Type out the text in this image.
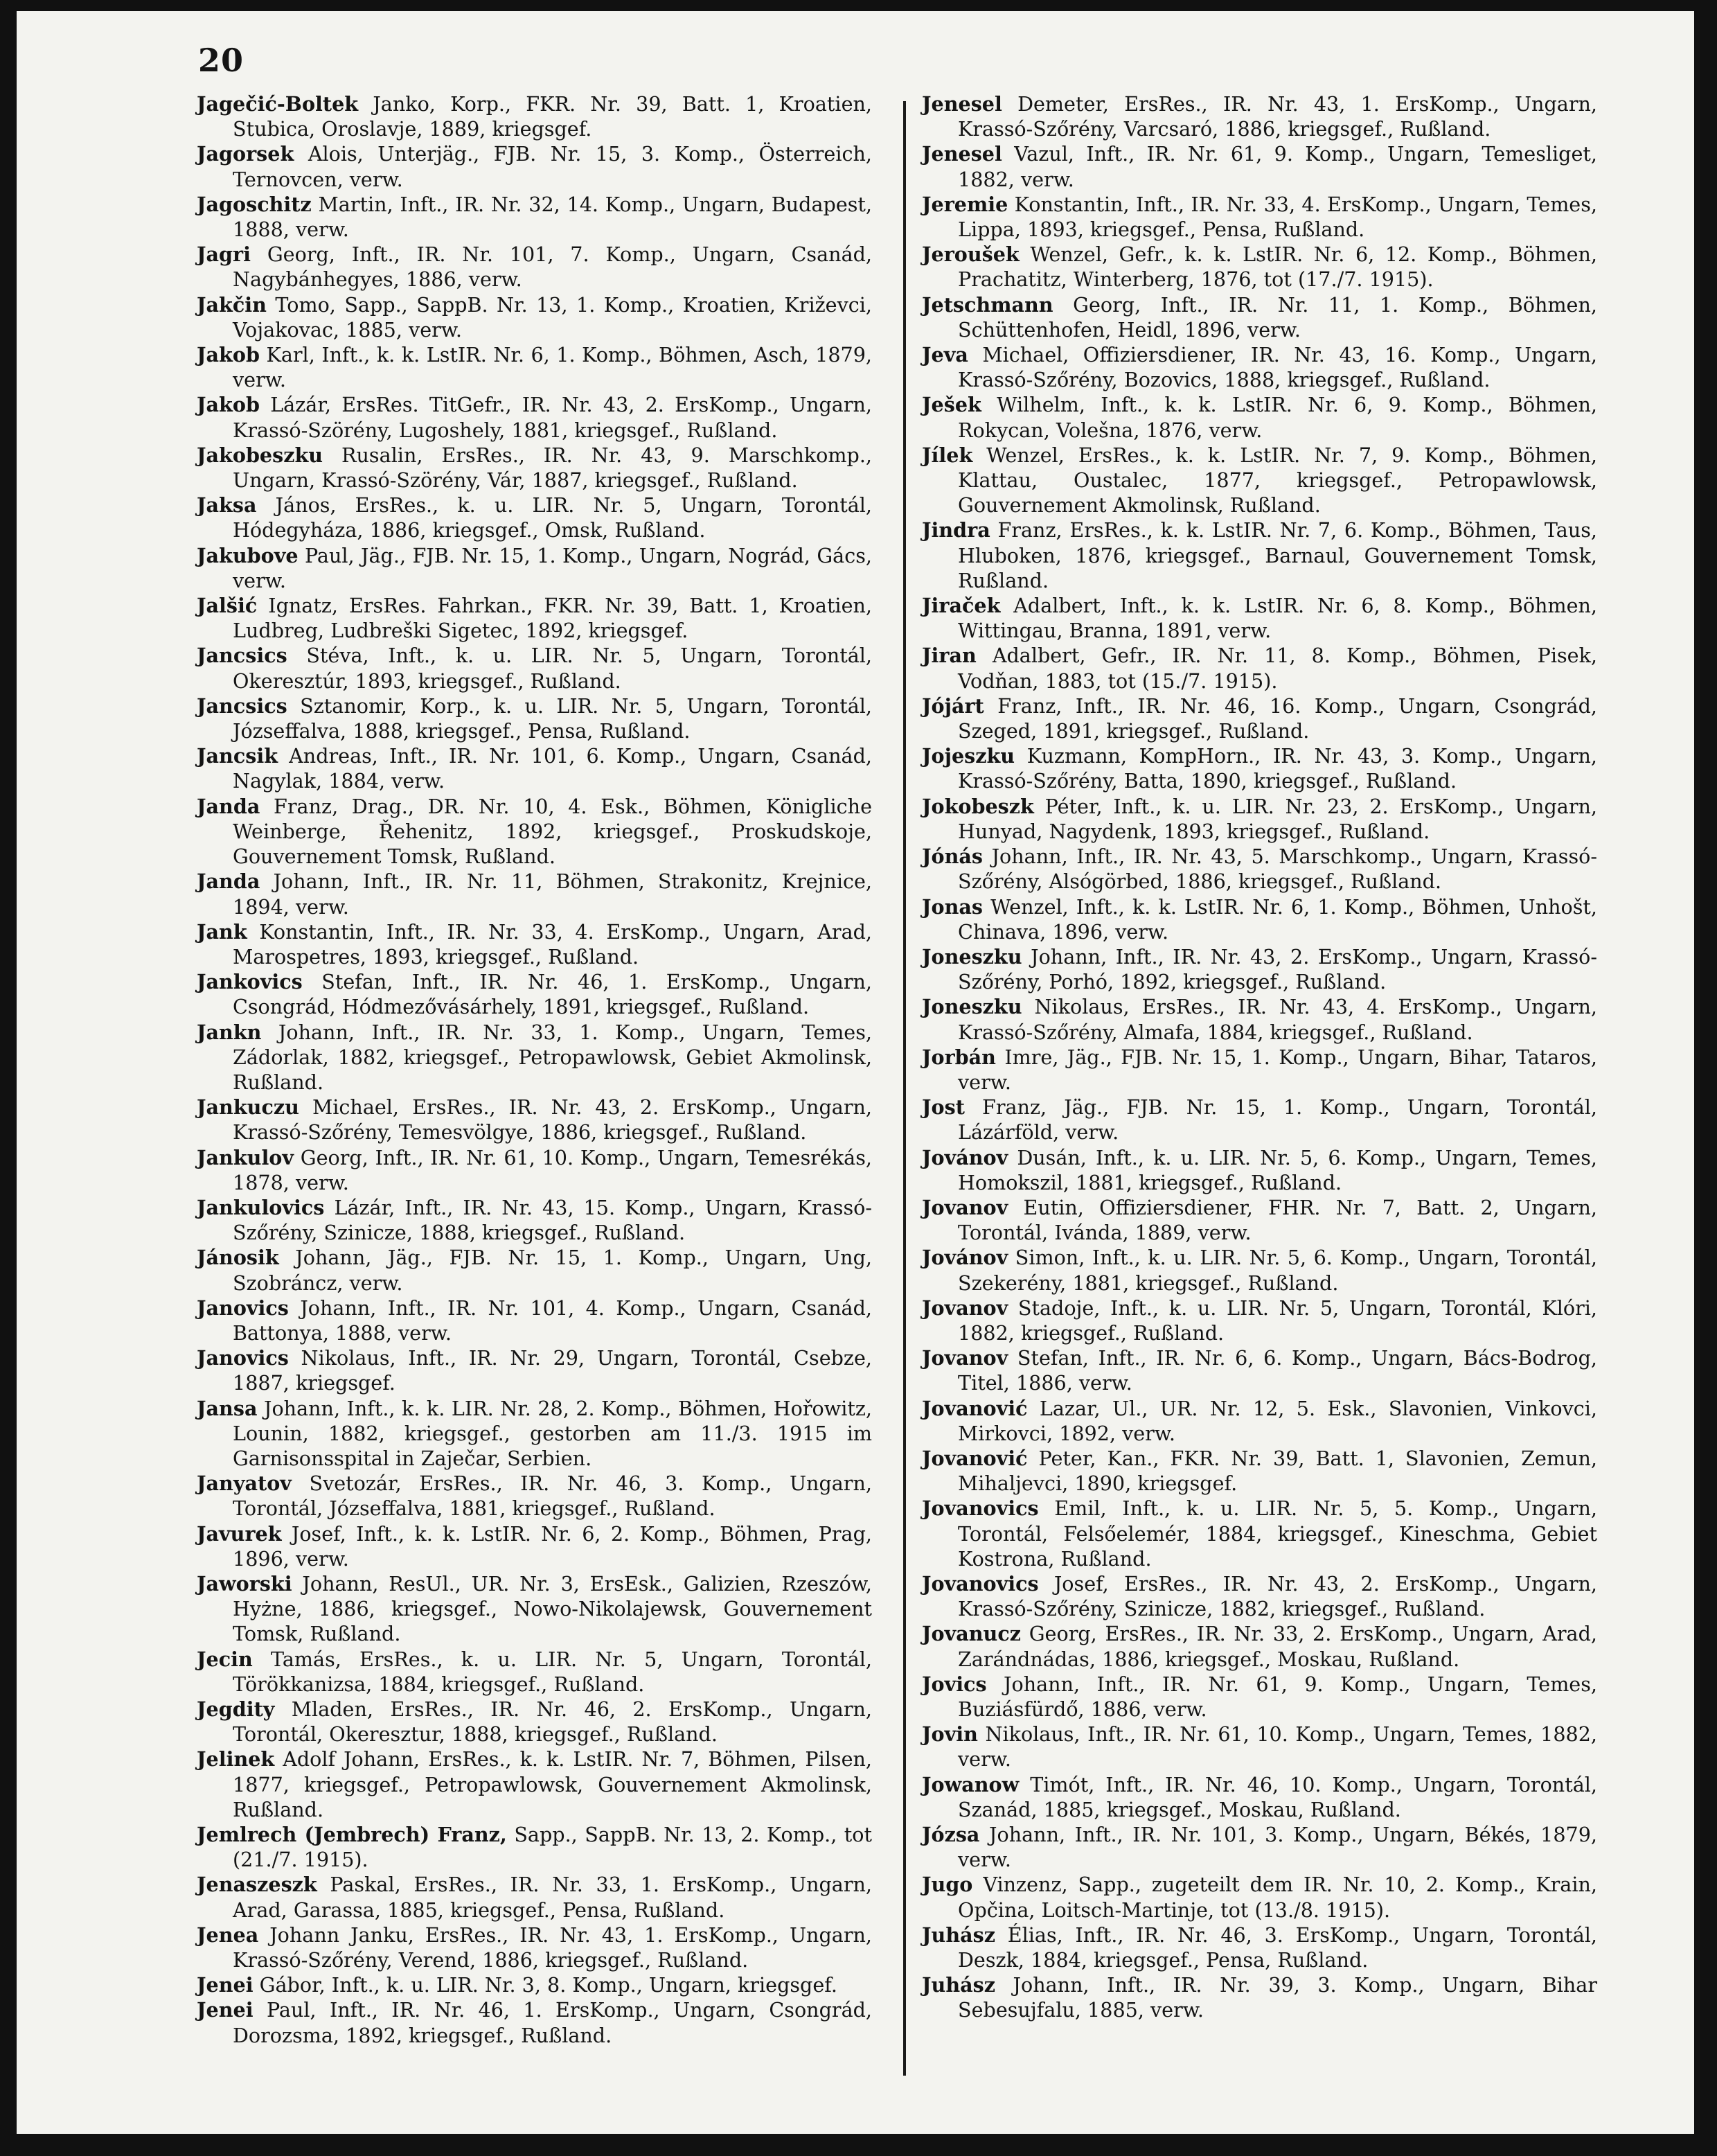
20

Jagečić-Boltek Janko, Korp., FKR. Nr. 39, Batt. 1, Kroatien, Stubica, Oroslavje, 1889, kriegsgef.

Jagorsek Alois, Unterjäg., FJB. Nr. 15, 3. Komp., Österreich, Ternovcen, verw.

Jagoschitz Martin, Inft., IR. Nr. 32, 14. Komp., Ungarn, Budapest, 1888, verw.

Jagri Georg, Inft., IR. Nr. 101, 7. Komp., Ungarn, Csanád, Nagybánhegyes, 1886, verw.

Jakčin Tomo, Sapp., SappB. Nr. 13, 1. Komp., Kroatien, Križevci, Vojakovac, 1885, verw.

Jakob Karl, Inft., k. k. LstIR. Nr. 6, 1. Komp., Böhmen, Asch, 1879, verw.

Jakob Lázár, ErsRes. TitGefr., IR. Nr. 43, 2. ErsKomp., Ungarn, Krassó-Szörény, Lugoshely, 1881, kriegsgef., Rußland.

Jakobeszku Rusalin, ErsRes., IR. Nr. 43, 9. Marschkomp., Ungarn, Krassó-Szörény, Vár, 1887, kriegsgef., Rußland.

Jaksa János, ErsRes., k. u. LIR. Nr. 5, Ungarn, Torontál, Hódegyháza, 1886, kriegsgef., Omsk, Rußland.

Jakubove Paul, Jäg., FJB. Nr. 15, 1. Komp., Ungarn, Nográd, Gács, verw.

Jalšić Ignatz, ErsRes. Fahrkan., FKR. Nr. 39, Batt. 1, Kroatien, Ludbreg, Ludbreški Sigetec, 1892, kriegsgef.

Jancsics Stéva, Inft., k. u. LIR. Nr. 5, Ungarn, Torontál, Okeresztúr, 1893, kriegsgef., Rußland.

Jancsics Sztanomir, Korp., k. u. LIR. Nr. 5, Ungarn, Torontál, Józseffalva, 1888, kriegsgef., Pensa, Rußland.

Jancsik Andreas, Inft., IR. Nr. 101, 6. Komp., Ungarn, Csanád, Nagylak, 1884, verw.

Janda Franz, Drag., DR. Nr. 10, 4. Esk., Böhmen, Königliche Weinberge, Řehenitz, 1892, kriegsgef., Proskudskoje, Gouvernement Tomsk, Rußland.

Janda Johann, Inft., IR. Nr. 11, Böhmen, Strakonitz, Krejnice, 1894, verw.

Jank Konstantin, Inft., IR. Nr. 33, 4. ErsKomp., Ungarn, Arad, Marospetres, 1893, kriegsgef., Rußland.

Jankovics Stefan, Inft., IR. Nr. 46, 1. ErsKomp., Ungarn, Csongrád, Hódmezővásárhely, 1891, kriegsgef., Rußland.

Jankn Johann, Inft., IR. Nr. 33, 1. Komp., Ungarn, Temes, Zádorlak, 1882, kriegsgef., Petropawlowsk, Gebiet Akmolinsk, Rußland.

Jankuczu Michael, ErsRes., IR. Nr. 43, 2. ErsKomp., Ungarn, Krassó-Szőrény, Temesvölgye, 1886, kriegsgef., Rußland.

Jankulov Georg, Inft., IR. Nr. 61, 10. Komp., Ungarn, Temesrékás, 1878, verw.

Jankulovics Lázár, Inft., IR. Nr. 43, 15. Komp., Ungarn, Krassó-Szőrény, Szinicze, 1888, kriegsgef., Rußland.

Jánosik Johann, Jäg., FJB. Nr. 15, 1. Komp., Ungarn, Ung, Szobráncz, verw.

Janovics Johann, Inft., IR. Nr. 101, 4. Komp., Ungarn, Csanád, Battonya, 1888, verw.

Janovics Nikolaus, Inft., IR. Nr. 29, Ungarn, Torontál, Csebze, 1887, kriegsgef.

Jansa Johann, Inft., k. k. LIR. Nr. 28, 2. Komp., Böhmen, Hořowitz, Lounin, 1882, kriegsgef., gestorben am 11./3. 1915 im Garnisonsspital in Zaječar, Serbien.

Janyatov Svetozár, ErsRes., IR. Nr. 46, 3. Komp., Ungarn, Torontál, Józseffalva, 1881, kriegsgef., Rußland.

Javurek Josef, Inft., k. k. LstIR. Nr. 6, 2. Komp., Böhmen, Prag, 1896, verw.

Jaworski Johann, ResUl., UR. Nr. 3, ErsEsk., Galizien, Rzeszów, Hyżne, 1886, kriegsgef., Nowo-Nikolajewsk, Gouvernement Tomsk, Rußland.

Jecin Tamás, ErsRes., k. u. LIR. Nr. 5, Ungarn, Torontál, Törökkanizsa, 1884, kriegsgef., Rußland.

Jegdity Mladen, ErsRes., IR. Nr. 46, 2. ErsKomp., Ungarn, Torontál, Okeresztur, 1888, kriegsgef., Rußland.

Jelinek Adolf Johann, ErsRes., k. k. LstIR. Nr. 7, Böhmen, Pilsen, 1877, kriegsgef., Petropawlowsk, Gouvernement Akmolinsk, Rußland.

Jemlrech (Jembrech) Franz, Sapp., SappB. Nr. 13, 2. Komp., tot (21./7. 1915).

Jenaszeszk Paskal, ErsRes., IR. Nr. 33, 1. ErsKomp., Ungarn, Arad, Garassa, 1885, kriegsgef., Pensa, Rußland.

Jenea Johann Janku, ErsRes., IR. Nr. 43, 1. ErsKomp., Ungarn, Krassó-Szőrény, Verend, 1886, kriegsgef., Rußland.

Jenei Gábor, Inft., k. u. LIR. Nr. 3, 8. Komp., Ungarn, kriegsgef.

Jenei Paul, Inft., IR. Nr. 46, 1. ErsKomp., Ungarn, Csongrád, Dorozsma, 1892, kriegsgef., Rußland.

Jenesel Demeter, ErsRes., IR. Nr. 43, 1. ErsKomp., Ungarn, Krassó-Szőrény, Varcsaró, 1886, kriegsgef., Rußland.

Jenesel Vazul, Inft., IR. Nr. 61, 9. Komp., Ungarn, Temesliget, 1882, verw.

Jeremie Konstantin, Inft., IR. Nr. 33, 4. ErsKomp., Ungarn, Temes, Lippa, 1893, kriegsgef., Pensa, Rußland.

Jeroušek Wenzel, Gefr., k. k. LstIR. Nr. 6, 12. Komp., Böhmen, Prachatitz, Winterberg, 1876, tot (17./7. 1915).

Jetschmann Georg, Inft., IR. Nr. 11, 1. Komp., Böhmen, Schüttenhofen, Heidl, 1896, verw.

Jeva Michael, Offiziersdiener, IR. Nr. 43, 16. Komp., Ungarn, Krassó-Szőrény, Bozovics, 1888, kriegsgef., Rußland.

Ješek Wilhelm, Inft., k. k. LstIR. Nr. 6, 9. Komp., Böhmen, Rokycan, Volešna, 1876, verw.

Jílek Wenzel, ErsRes., k. k. LstIR. Nr. 7, 9. Komp., Böhmen, Klattau, Oustalec, 1877, kriegsgef., Petropawlowsk, Gouvernement Akmolinsk, Rußland.

Jindra Franz, ErsRes., k. k. LstIR. Nr. 7, 6. Komp., Böhmen, Taus, Hluboken, 1876, kriegsgef., Barnaul, Gouvernement Tomsk, Rußland.

Jiraček Adalbert, Inft., k. k. LstIR. Nr. 6, 8. Komp., Böhmen, Wittingau, Branna, 1891, verw.

Jiran Adalbert, Gefr., IR. Nr. 11, 8. Komp., Böhmen, Pisek, Vodňan, 1883, tot (15./7. 1915).

Jójárt Franz, Inft., IR. Nr. 46, 16. Komp., Ungarn, Csongrád, Szeged, 1891, kriegsgef., Rußland.

Jojeszku Kuzmann, KompHorn., IR. Nr. 43, 3. Komp., Ungarn, Krassó-Szőrény, Batta, 1890, kriegsgef., Rußland.

Jokobeszk Péter, Inft., k. u. LIR. Nr. 23, 2. ErsKomp., Ungarn, Hunyad, Nagydenk, 1893, kriegsgef., Rußland.

Jónás Johann, Inft., IR. Nr. 43, 5. Marschkomp., Ungarn, Krassó-Szőrény, Alsógörbed, 1886, kriegsgef., Rußland.

Jonas Wenzel, Inft., k. k. LstIR. Nr. 6, 1. Komp., Böhmen, Unhošt, Chinava, 1896, verw.

Joneszku Johann, Inft., IR. Nr. 43, 2. ErsKomp., Ungarn, Krassó-Szőrény, Porhó, 1892, kriegsgef., Rußland.

Joneszku Nikolaus, ErsRes., IR. Nr. 43, 4. ErsKomp., Ungarn, Krassó-Szőrény, Almafa, 1884, kriegsgef., Rußland.

Jorbán Imre, Jäg., FJB. Nr. 15, 1. Komp., Ungarn, Bihar, Tataros, verw.

Jost Franz, Jäg., FJB. Nr. 15, 1. Komp., Ungarn, Torontál, Lázárföld, verw.

Jovánov Dusán, Inft., k. u. LIR. Nr. 5, 6. Komp., Ungarn, Temes, Homokszil, 1881, kriegsgef., Rußland.

Jovanov Eutin, Offiziersdiener, FHR. Nr. 7, Batt. 2, Ungarn, Torontál, Ivánda, 1889, verw.

Jovánov Simon, Inft., k. u. LIR. Nr. 5, 6. Komp., Ungarn, Torontál, Szekerény, 1881, kriegsgef., Rußland.

Jovanov Stadoje, Inft., k. u. LIR. Nr. 5, Ungarn, Torontál, Klóri, 1882, kriegsgef., Rußland.

Jovanov Stefan, Inft., IR. Nr. 6, 6. Komp., Ungarn, Bács-Bodrog, Titel, 1886, verw.

Jovanović Lazar, Ul., UR. Nr. 12, 5. Esk., Slavonien, Vinkovci, Mirkovci, 1892, verw.

Jovanović Peter, Kan., FKR. Nr. 39, Batt. 1, Slavonien, Zemun, Mihaljevci, 1890, kriegsgef.

Jovanovics Emil, Inft., k. u. LIR. Nr. 5, 5. Komp., Ungarn, Torontál, Felsőelemér, 1884, kriegsgef., Kineschma, Gebiet Kostrona, Rußland.

Jovanovics Josef, ErsRes., IR. Nr. 43, 2. ErsKomp., Ungarn, Krassó-Szőrény, Szinicze, 1882, kriegsgef., Rußland.

Jovanucz Georg, ErsRes., IR. Nr. 33, 2. ErsKomp., Ungarn, Arad, Zarándnádas, 1886, kriegsgef., Moskau, Rußland.

Jovics Johann, Inft., IR. Nr. 61, 9. Komp., Ungarn, Temes, Buziásfürdő, 1886, verw.

Jovin Nikolaus, Inft., IR. Nr. 61, 10. Komp., Ungarn, Temes, 1882, verw.

Jowanow Timót, Inft., IR. Nr. 46, 10. Komp., Ungarn, Torontál, Szanád, 1885, kriegsgef., Moskau, Rußland.

Józsa Johann, Inft., IR. Nr. 101, 3. Komp., Ungarn, Békés, 1879, verw.

Jugo Vinzenz, Sapp., zugeteilt dem IR. Nr. 10, 2. Komp., Krain, Opčina, Loitsch-Martinje, tot (13./8. 1915).

Juhász Élias, Inft., IR. Nr. 46, 3. ErsKomp., Ungarn, Torontál, Deszk, 1884, kriegsgef., Pensa, Rußland.

Juhász Johann, Inft., IR. Nr. 39, 3. Komp., Ungarn, Bihar Sebesujfalu, 1885, verw.
